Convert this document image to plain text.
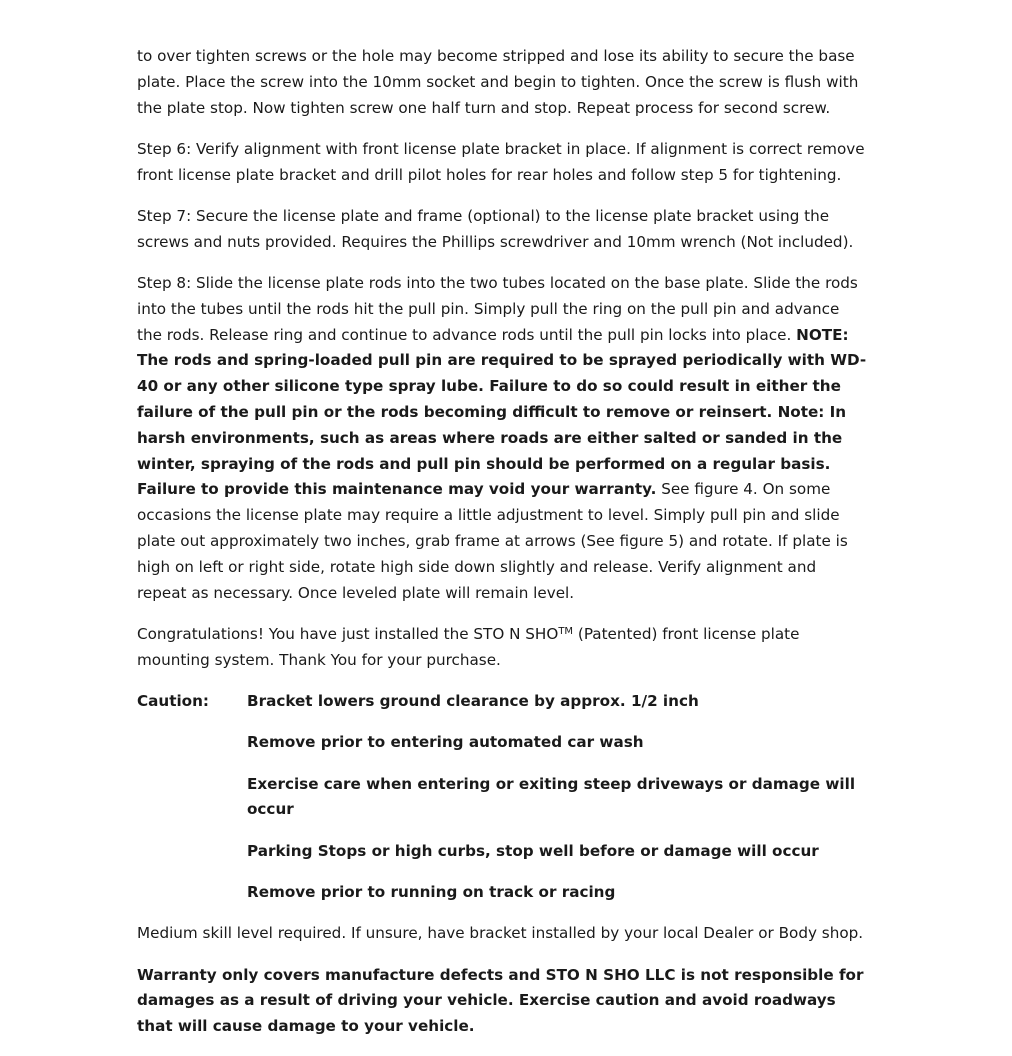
to over tighten screws or the hole may become stripped and lose its ability to secure the base plate. Place the screw into the 10mm socket and begin to tighten. Once the screw is flush with the plate stop. Now tighten screw one half turn and stop. Repeat process for second screw.

Step 6: Verify alignment with front license plate bracket in place. If alignment is correct remove front license plate bracket and drill pilot holes for rear holes and follow step 5 for tightening.

Step 7: Secure the license plate and frame (optional) to the license plate bracket using the screws and nuts provided. Requires the Phillips screwdriver and 10mm wrench (Not included).

Step 8: Slide the license plate rods into the two tubes located on the base plate. Slide the rods into the tubes until the rods hit the pull pin. Simply pull the ring on the pull pin and advance the rods. Release ring and continue to advance rods until the pull pin locks into place. NOTE: The rods and spring-loaded pull pin are required to be sprayed periodically with WD-40 or any other silicone type spray lube. Failure to do so could result in either the failure of the pull pin or the rods becoming difficult to remove or reinsert. Note: In harsh environments, such as areas where roads are either salted or sanded in the winter, spraying of the rods and pull pin should be performed on a regular basis. Failure to provide this maintenance may void your warranty. See figure 4. On some occasions the license plate may require a little adjustment to level. Simply pull pin and slide plate out approximately two inches, grab frame at arrows (See figure 5) and rotate. If plate is high on left or right side, rotate high side down slightly and release. Verify alignment and repeat as necessary. Once leveled plate will remain level.

Congratulations! You have just installed the STO N SHO™ (Patented) front license plate mounting system. Thank You for your purchase.

Caution:	Bracket lowers ground clearance by approx. 1/2 inch
Remove prior to entering automated car wash
Exercise care when entering or exiting steep driveways or damage will occur
Parking Stops or high curbs, stop well before or damage will occur
Remove prior to running on track or racing

Medium skill level required. If unsure, have bracket installed by your local Dealer or Body shop.

Warranty only covers manufacture defects and STO N SHO LLC is not responsible for damages as a result of driving your vehicle. Exercise caution and avoid roadways that will cause damage to your vehicle.
